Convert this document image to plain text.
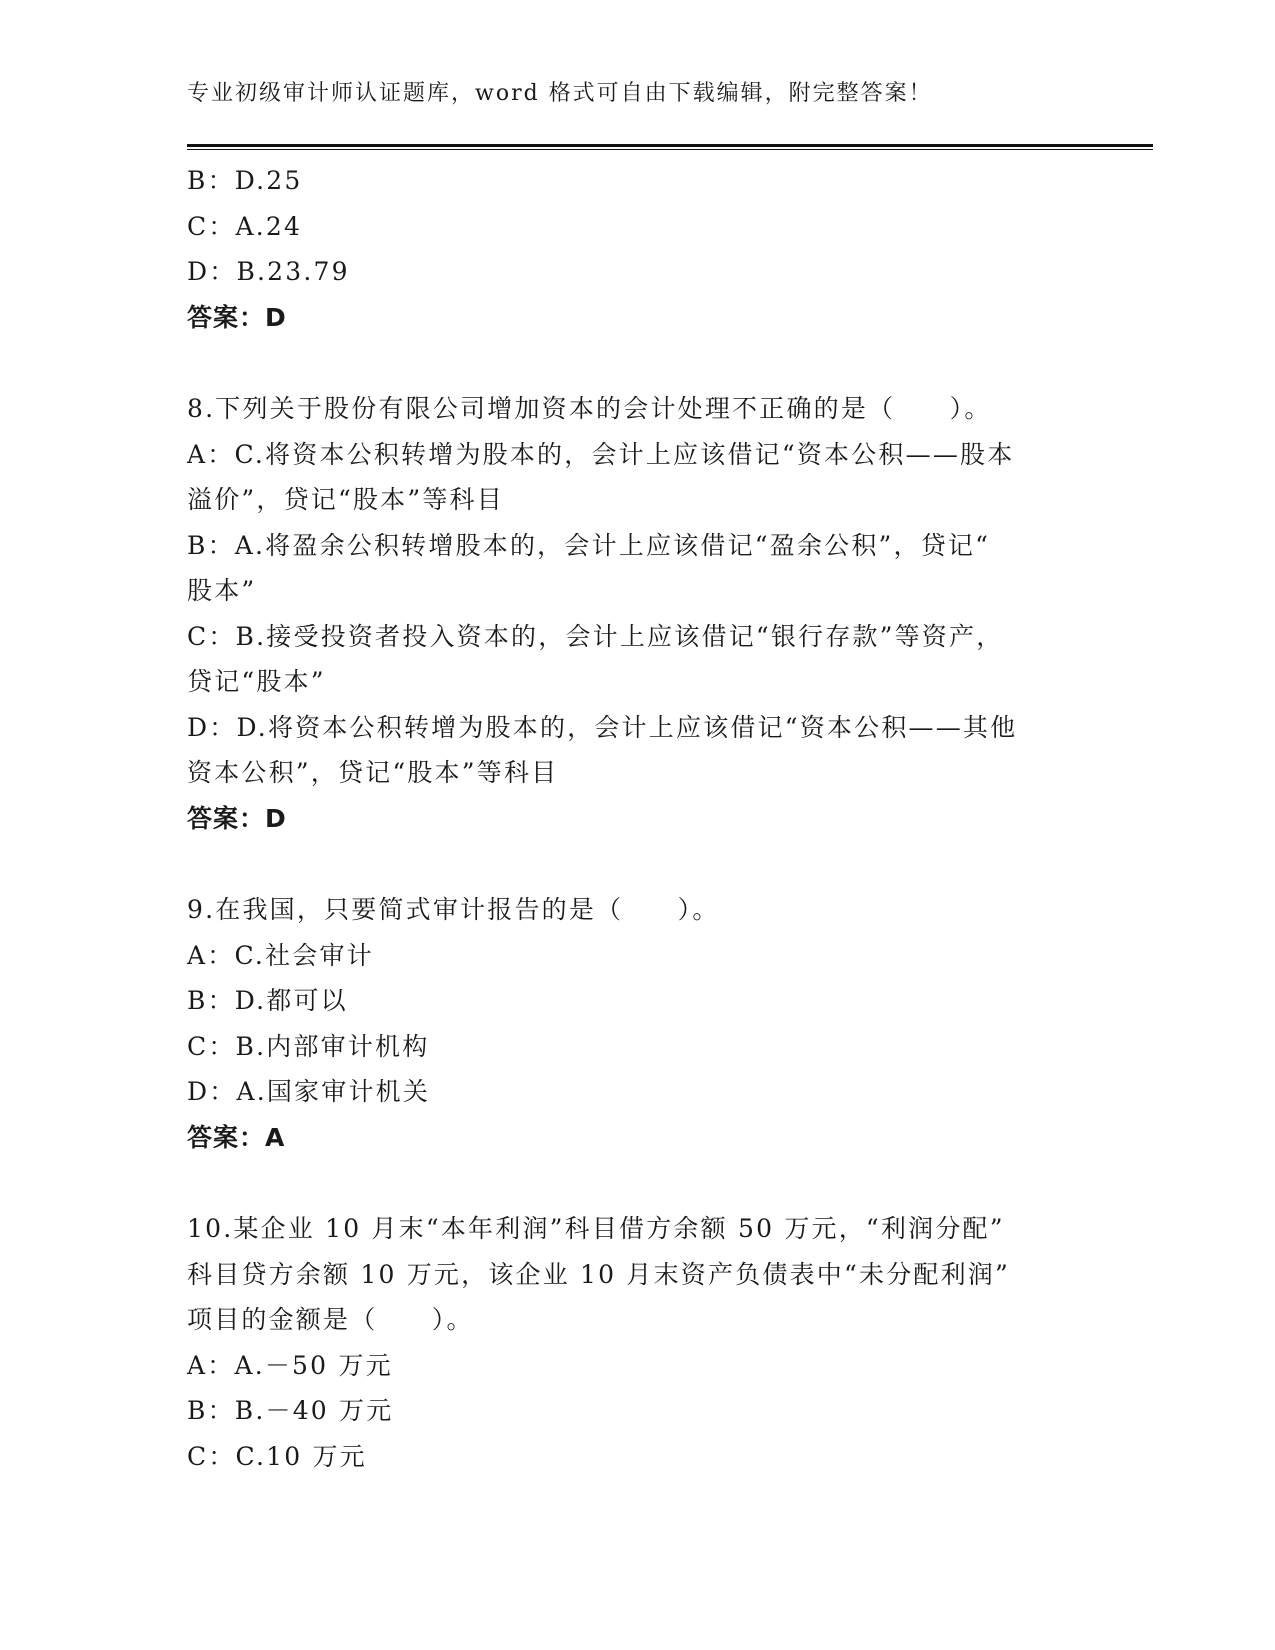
专业初级审计师认证题库，word 格式可自由下载编辑，附完整答案！
B：D.25
C：A.24
D：B.23.79
答案：D
8.下列关于股份有限公司增加资本的会计处理不正确的是（　　）。
A：C.将资本公积转增为股本的，会计上应该借记“资本公积——股本
溢价”，贷记“股本”等科目
B：A.将盈余公积转增股本的，会计上应该借记“盈余公积”，贷记“
股本”
C：B.接受投资者投入资本的，会计上应该借记“银行存款”等资产，
贷记“股本”
D：D.将资本公积转增为股本的，会计上应该借记“资本公积——其他
资本公积”，贷记“股本”等科目
答案：D
9.在我国，只要简式审计报告的是（　　）。
A：C.社会审计
B：D.都可以
C：B.内部审计机构
D：A.国家审计机关
答案：A
10.某企业 10 月末“本年利润”科目借方余额 50 万元，“利润分配”
科目贷方余额 10 万元，该企业 10 月末资产负债表中“未分配利润”
项目的金额是（　　）。
A：A.－50 万元
B：B.－40 万元
C：C.10 万元
